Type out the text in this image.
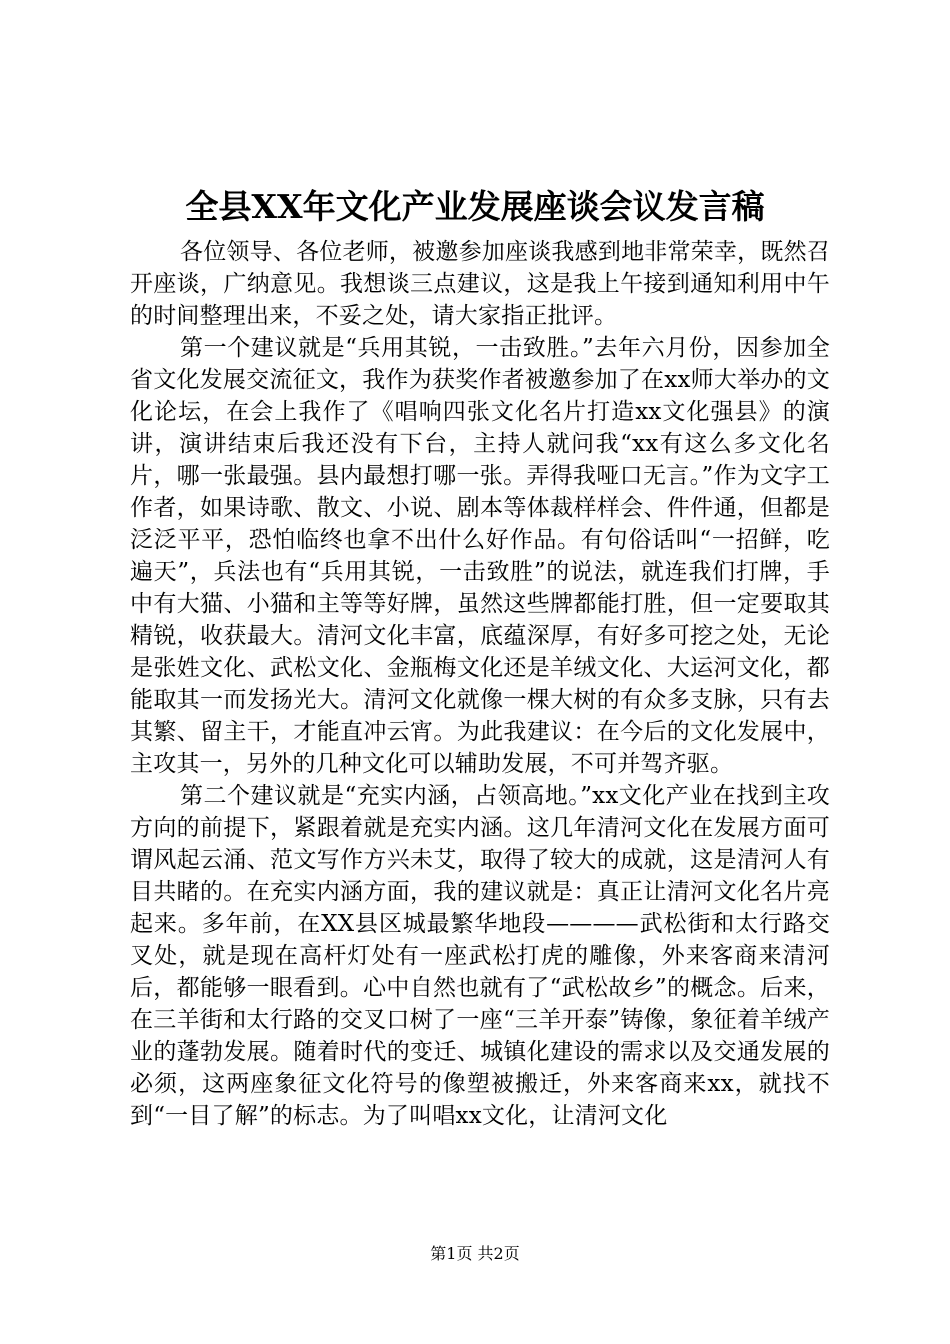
全县XX年文化产业发展座谈会议发言稿

各位领导、各位老师，被邀参加座谈我感到地非常荣幸，既然召开座谈，广纳意见。我想谈三点建议，这是我上午接到通知利用中午的时间整理出来，不妥之处，请大家指正批评。

第一个建议就是“兵用其锐，一击致胜。”去年六月份，因参加全省文化发展交流征文，我作为获奖作者被邀参加了在xx师大举办的文化论坛，在会上我作了《唱响四张文化名片打造xx文化强县》的演讲，演讲结束后我还没有下台，主持人就问我“xx有这么多文化名片，哪一张最强。县内最想打哪一张。弄得我哑口无言。”作为文字工作者，如果诗歌、散文、小说、剧本等体裁样样会、件件通，但都是泛泛平平，恐怕临终也拿不出什么好作品。有句俗话叫“一招鲜，吃遍天”，兵法也有“兵用其锐，一击致胜”的说法，就连我们打牌，手中有大猫、小猫和主等等好牌，虽然这些牌都能打胜，但一定要取其精锐，收获最大。清河文化丰富，底蕴深厚，有好多可挖之处，无论是张姓文化、武松文化、金瓶梅文化还是羊绒文化、大运河文化，都能取其一而发扬光大。清河文化就像一棵大树的有众多支脉，只有去其繁、留主干，才能直冲云宵。为此我建议：在今后的文化发展中，主攻其一，另外的几种文化可以辅助发展，不可并驾齐驱。

第二个建议就是“充实内涵，占领高地。”xx文化产业在找到主攻方向的前提下，紧跟着就是充实内涵。这几年清河文化在发展方面可谓风起云涌、范文写作方兴未艾，取得了较大的成就，这是清河人有目共睹的。在充实内涵方面，我的建议就是：真正让清河文化名片亮起来。多年前，在XX县区城最繁华地段————武松街和太行路交叉处，就是现在高杆灯处有一座武松打虎的雕像，外来客商来清河后，都能够一眼看到。心中自然也就有了“武松故乡”的概念。后来，在三羊街和太行路的交叉口树了一座“三羊开泰”铸像，象征着羊绒产业的蓬勃发展。随着时代的变迁、城镇化建设的需求以及交通发展的必须，这两座象征文化符号的像塑被搬迁，外来客商来xx，就找不到“一目了解”的标志。为了叫唱xx文化，让清河文化

第1页 共2页
